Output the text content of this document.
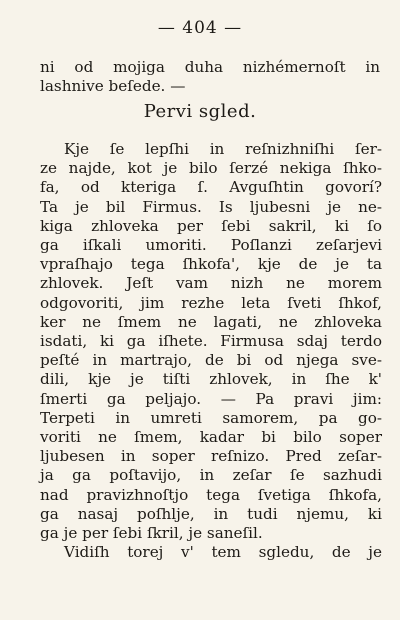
— 404 —
ni od mojiga duha nizhémernoſt in
lashnive beſede. —
Pervi sgled.
Kje ſe lepſhi in reſnizhniſhi ſer-
ze najde, kot je bilo ſerzé nekiga ſhko-
fa, od kteriga ſ. Avguſhtin govorí?
Ta je bil Firmus. Is ljubesni je ne-
kiga zhloveka per ſebi sakril, ki ſo
ga iſkali umoriti. Poſlanzi zeſarjevi
vpraſhajo tega ſhkofa', kje de je ta
zhlovek. Jeſt vam nizh ne morem
odgovoriti, jim rezhe leta ſveti ſhkof,
ker ne ſmem ne lagati, ne zhloveka
isdati, ki ga iſhete. Firmusa sdaj terdo
peſté in martrajo, de bi od njega sve-
dili, kje je tiſti zhlovek, in ſhe k'
ſmerti ga peljajo. — Pa pravi jim:
Terpeti in umreti samorem, pa go-
voriti ne ſmem, kadar bi bilo soper
ljubesen in soper reſnizo. Pred zeſar-
ja ga poſtavijo, in zeſar ſe sazhudi
nad pravizhnoſtjo tega ſvetiga ſhkofa,
ga nasaj poſhlje, in tudi njemu, ki
ga je per ſebi ſkril, je saneſil.
Vidiſh torej v' tem sgledu, de je
